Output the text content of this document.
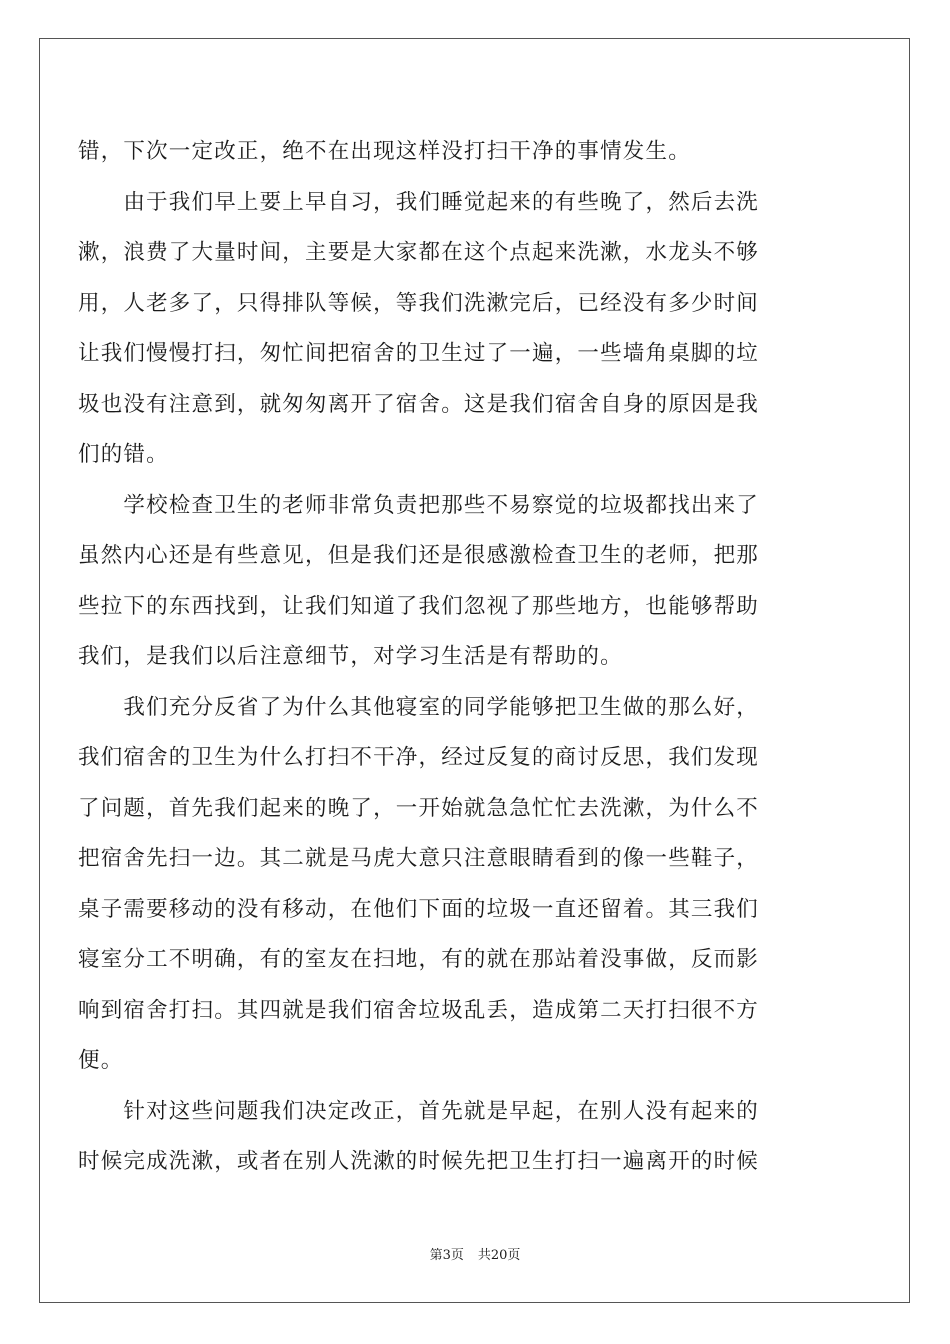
错，下次一定改正，绝不在出现这样没打扫干净的事情发生。
　　由于我们早上要上早自习，我们睡觉起来的有些晚了，然后去洗
漱，浪费了大量时间，主要是大家都在这个点起来洗漱，水龙头不够
用，人老多了，只得排队等候，等我们洗漱完后，已经没有多少时间
让我们慢慢打扫，匆忙间把宿舍的卫生过了一遍，一些墙角桌脚的垃
圾也没有注意到，就匆匆离开了宿舍。这是我们宿舍自身的原因是我
们的错。
　　学校检查卫生的老师非常负责把那些不易察觉的垃圾都找出来了
虽然内心还是有些意见，但是我们还是很感激检查卫生的老师，把那
些拉下的东西找到，让我们知道了我们忽视了那些地方，也能够帮助
我们，是我们以后注意细节，对学习生活是有帮助的。
　　我们充分反省了为什么其他寝室的同学能够把卫生做的那么好，
我们宿舍的卫生为什么打扫不干净，经过反复的商讨反思，我们发现
了问题，首先我们起来的晚了，一开始就急急忙忙去洗漱，为什么不
把宿舍先扫一边。其二就是马虎大意只注意眼睛看到的像一些鞋子，
桌子需要移动的没有移动，在他们下面的垃圾一直还留着。其三我们
寝室分工不明确，有的室友在扫地，有的就在那站着没事做，反而影
响到宿舍打扫。其四就是我们宿舍垃圾乱丢，造成第二天打扫很不方
便。
　　针对这些问题我们决定改正，首先就是早起，在别人没有起来的
时候完成洗漱，或者在别人洗漱的时候先把卫生打扫一遍离开的时候
第3页 共20页
